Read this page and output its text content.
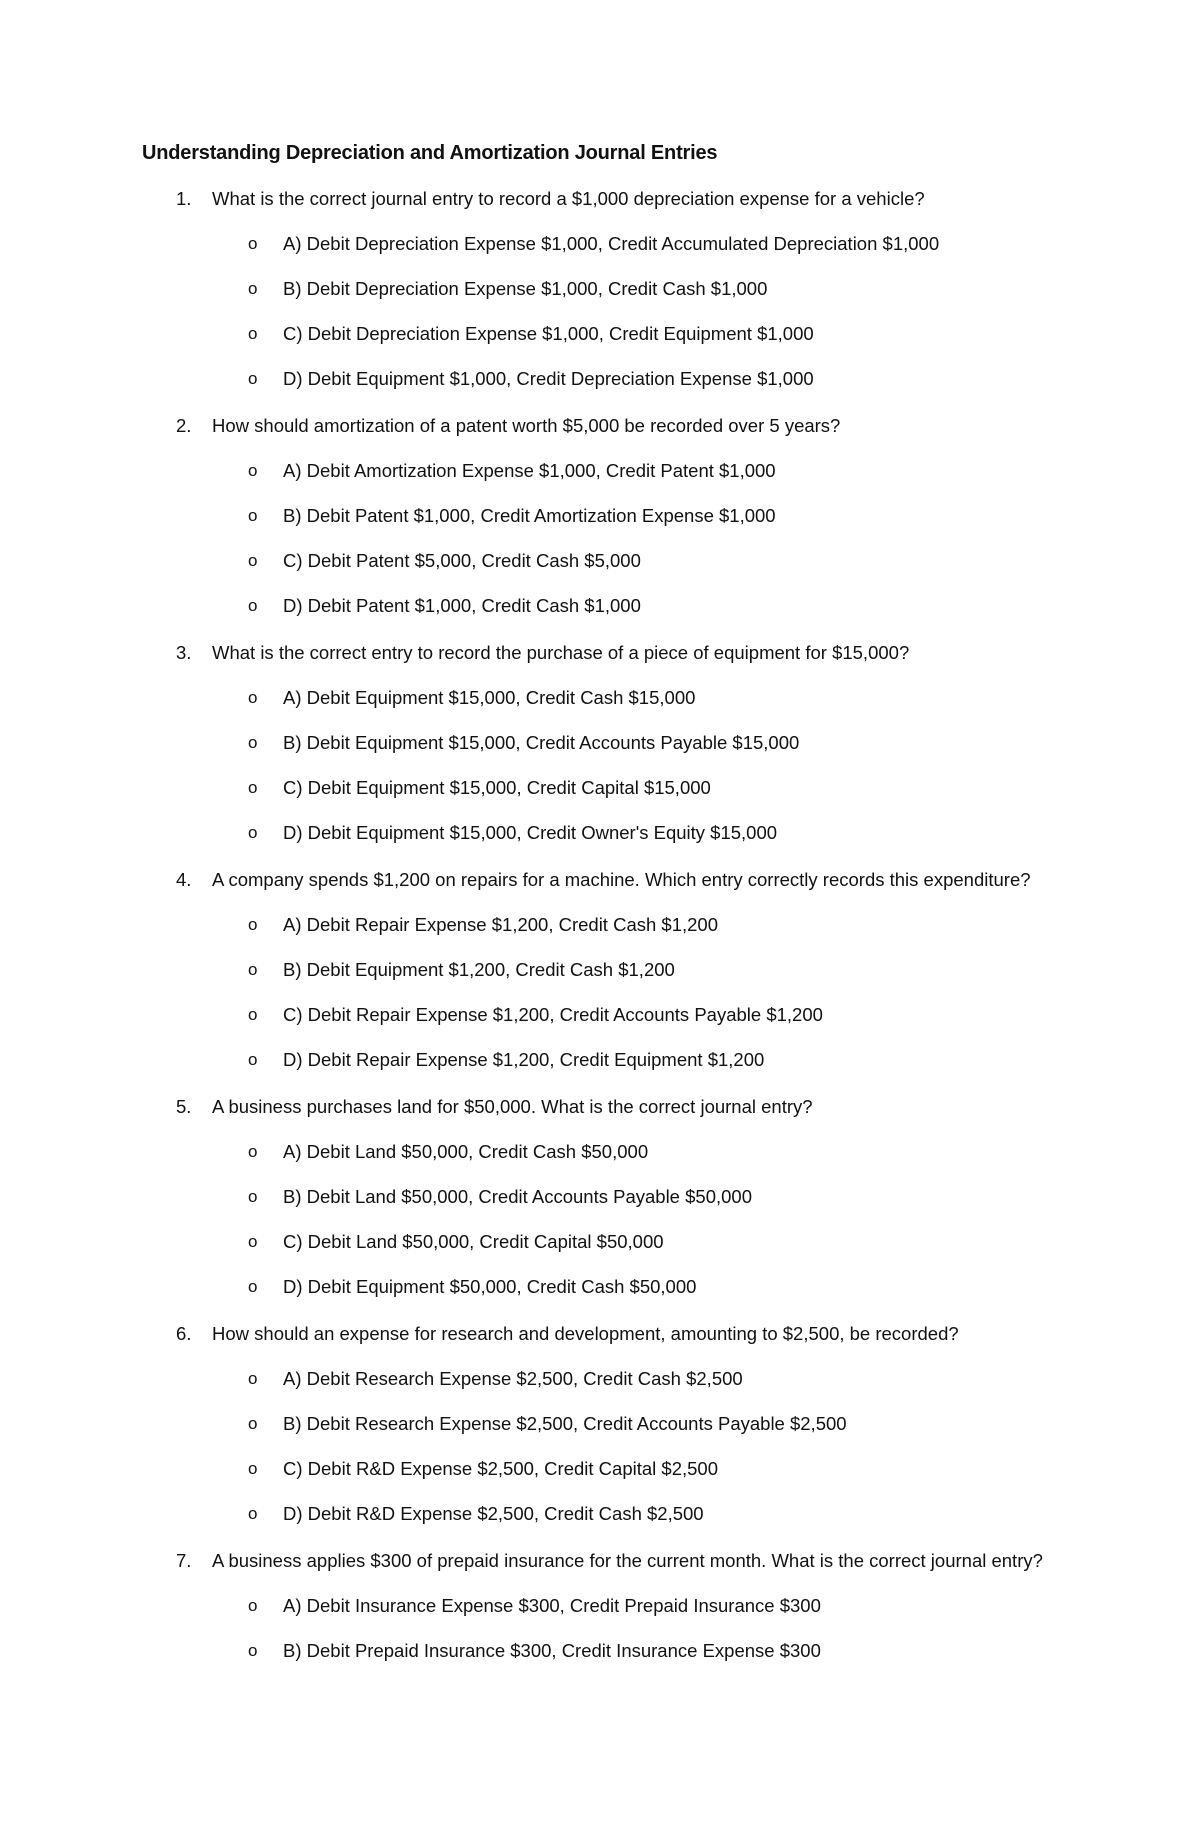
Understanding Depreciation and Amortization Journal Entries
1. What is the correct journal entry to record a $1,000 depreciation expense for a vehicle?
o A) Debit Depreciation Expense $1,000, Credit Accumulated Depreciation $1,000
o B) Debit Depreciation Expense $1,000, Credit Cash $1,000
o C) Debit Depreciation Expense $1,000, Credit Equipment $1,000
o D) Debit Equipment $1,000, Credit Depreciation Expense $1,000
2. How should amortization of a patent worth $5,000 be recorded over 5 years?
o A) Debit Amortization Expense $1,000, Credit Patent $1,000
o B) Debit Patent $1,000, Credit Amortization Expense $1,000
o C) Debit Patent $5,000, Credit Cash $5,000
o D) Debit Patent $1,000, Credit Cash $1,000
3. What is the correct entry to record the purchase of a piece of equipment for $15,000?
o A) Debit Equipment $15,000, Credit Cash $15,000
o B) Debit Equipment $15,000, Credit Accounts Payable $15,000
o C) Debit Equipment $15,000, Credit Capital $15,000
o D) Debit Equipment $15,000, Credit Owner's Equity $15,000
4. A company spends $1,200 on repairs for a machine. Which entry correctly records this expenditure?
o A) Debit Repair Expense $1,200, Credit Cash $1,200
o B) Debit Equipment $1,200, Credit Cash $1,200
o C) Debit Repair Expense $1,200, Credit Accounts Payable $1,200
o D) Debit Repair Expense $1,200, Credit Equipment $1,200
5. A business purchases land for $50,000. What is the correct journal entry?
o A) Debit Land $50,000, Credit Cash $50,000
o B) Debit Land $50,000, Credit Accounts Payable $50,000
o C) Debit Land $50,000, Credit Capital $50,000
o D) Debit Equipment $50,000, Credit Cash $50,000
6. How should an expense for research and development, amounting to $2,500, be recorded?
o A) Debit Research Expense $2,500, Credit Cash $2,500
o B) Debit Research Expense $2,500, Credit Accounts Payable $2,500
o C) Debit R&D Expense $2,500, Credit Capital $2,500
o D) Debit R&D Expense $2,500, Credit Cash $2,500
7. A business applies $300 of prepaid insurance for the current month. What is the correct journal entry?
o A) Debit Insurance Expense $300, Credit Prepaid Insurance $300
o B) Debit Prepaid Insurance $300, Credit Insurance Expense $300
